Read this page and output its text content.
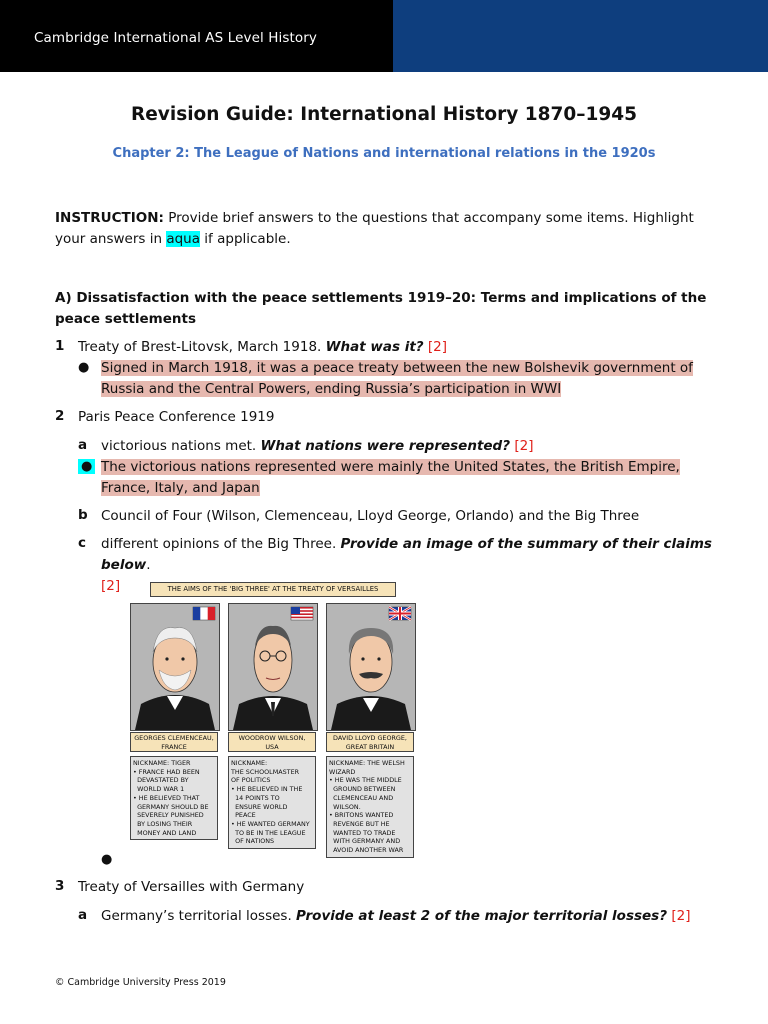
Cambridge International AS Level History
Revision Guide: International History 1870–1945
Chapter 2: The League of Nations and international relations in the 1920s
INSTRUCTION: Provide brief answers to the questions that accompany some items. Highlight your answers in aqua if applicable.
A) Dissatisfaction with the peace settlements 1919–20: Terms and implications of the peace settlements
1 Treaty of Brest-Litovsk, March 1918. What was it? [2]
● Signed in March 1918, it was a peace treaty between the new Bolshevik government of
Russia and the Central Powers, ending Russia’s participation in WWI
2 Paris Peace Conference 1919
a victorious nations met. What nations were represented? [2]
● The victorious nations represented were mainly the United States, the British Empire,
France, Italy, and Japan
b Council of Four (Wilson, Clemenceau, Lloyd George, Orlando) and the Big Three
c different opinions of the Big Three. Provide an image of the summary of their claims below.
[2]	THE AIMS OF THE 'BIG THREE' AT THE TREATY OF VERSAILLES
GEORGES CLEMENCEAU,
FRANCE
WOODROW WILSON,
USA
DAVID LLOYD GEORGE,
GREAT BRITAIN
NICKNAME: TIGER
• FRANCE HAD BEEN
DEVASTATED BY
WORLD WAR 1
• HE BELIEVED THAT
GERMANY SHOULD BE
SEVERELY PUNISHED
BY LOSING THEIR
MONEY AND LAND
NICKNAME:
THE SCHOOLMASTER
OF POLITICS
• HE BELIEVED IN THE
14 POINTS TO
ENSURE WORLD
PEACE
• HE WANTED GERMANY
TO BE IN THE LEAGUE
OF NATIONS
NICKNAME: THE WELSH
WIZARD
• HE WAS THE MIDDLE
GROUND BETWEEN
CLEMENCEAU AND
WILSON.
• BRITONS WANTED
REVENGE BUT HE
WANTED TO TRADE
WITH GERMANY AND
AVOID ANOTHER WAR
●
3 Treaty of Versailles with Germany
a Germany’s territorial losses. Provide at least 2 of the major territorial losses? [2]
© Cambridge University Press 2019
